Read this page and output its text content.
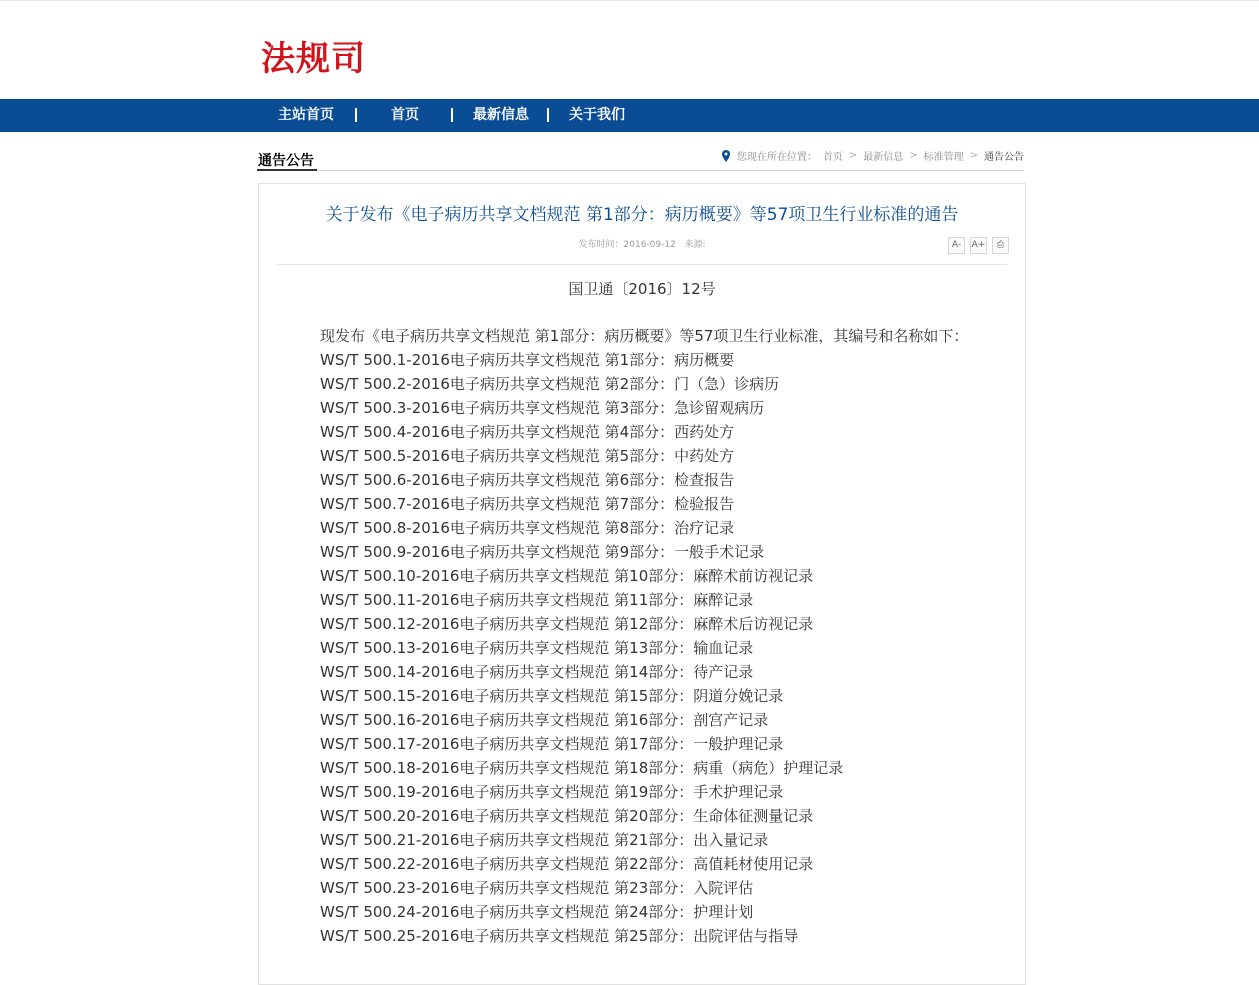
法规司
主站首页	首页	最新信息	关于我们
通告公告	您现在所在位置： 首页 > 最新信息 > 标准管理 > 通告公告
关于发布《电子病历共享文档规范 第1部分：病历概要》等57项卫生行业标准的通告
发布时间：2016-09-12 来源:	A-	A+	⎙
国卫通〔2016〕12号

现发布《电子病历共享文档规范 第1部分：病历概要》等57项卫生行业标准，其编号和名称如下：

WS/T 500.1-2016电子病历共享文档规范 第1部分：病历概要

WS/T 500.2-2016电子病历共享文档规范 第2部分：门（急）诊病历

WS/T 500.3-2016电子病历共享文档规范 第3部分：急诊留观病历

WS/T 500.4-2016电子病历共享文档规范 第4部分：西药处方

WS/T 500.5-2016电子病历共享文档规范 第5部分：中药处方

WS/T 500.6-2016电子病历共享文档规范 第6部分：检查报告

WS/T 500.7-2016电子病历共享文档规范 第7部分：检验报告

WS/T 500.8-2016电子病历共享文档规范 第8部分：治疗记录

WS/T 500.9-2016电子病历共享文档规范 第9部分：一般手术记录

WS/T 500.10-2016电子病历共享文档规范 第10部分：麻醉术前访视记录

WS/T 500.11-2016电子病历共享文档规范 第11部分：麻醉记录

WS/T 500.12-2016电子病历共享文档规范 第12部分：麻醉术后访视记录

WS/T 500.13-2016电子病历共享文档规范 第13部分：输血记录

WS/T 500.14-2016电子病历共享文档规范 第14部分：待产记录

WS/T 500.15-2016电子病历共享文档规范 第15部分：阴道分娩记录

WS/T 500.16-2016电子病历共享文档规范 第16部分：剖宫产记录

WS/T 500.17-2016电子病历共享文档规范 第17部分：一般护理记录

WS/T 500.18-2016电子病历共享文档规范 第18部分：病重（病危）护理记录

WS/T 500.19-2016电子病历共享文档规范 第19部分：手术护理记录

WS/T 500.20-2016电子病历共享文档规范 第20部分：生命体征测量记录

WS/T 500.21-2016电子病历共享文档规范 第21部分：出入量记录

WS/T 500.22-2016电子病历共享文档规范 第22部分：高值耗材使用记录

WS/T 500.23-2016电子病历共享文档规范 第23部分：入院评估

WS/T 500.24-2016电子病历共享文档规范 第24部分：护理计划

WS/T 500.25-2016电子病历共享文档规范 第25部分：出院评估与指导
